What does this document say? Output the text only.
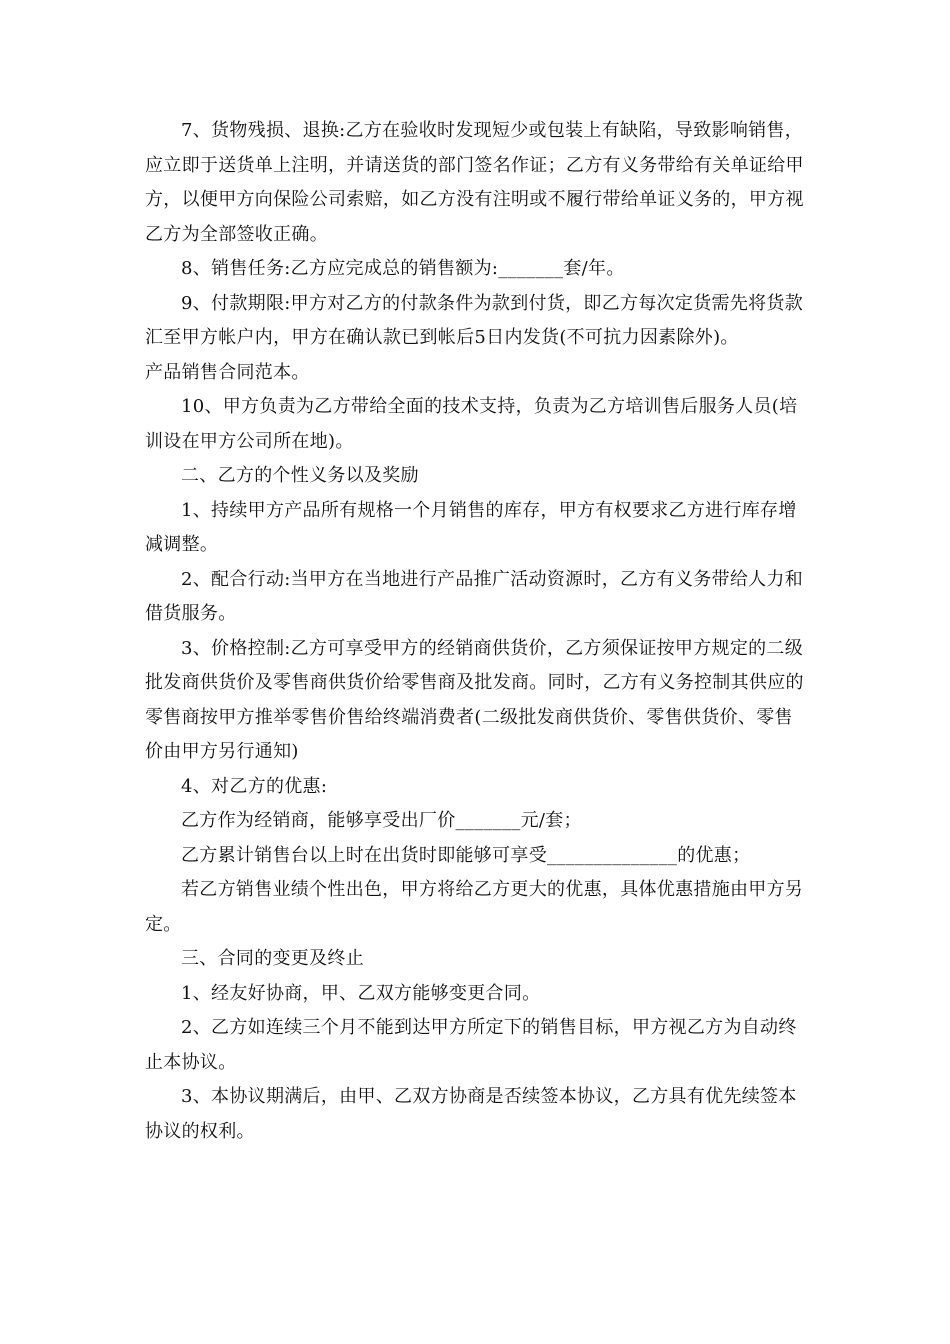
7、货物残损、退换:乙方在验收时发现短少或包装上有缺陷，导致影响销售，应立即于送货单上注明，并请送货的部门签名作证；乙方有义务带给有关单证给甲方，以便甲方向保险公司索赔，如乙方没有注明或不履行带给单证义务的，甲方视乙方为全部签收正确。

8、销售任务:乙方应完成总的销售额为:_______套/年。

9、付款期限:甲方对乙方的付款条件为款到付货，即乙方每次定货需先将货款汇至甲方帐户内，甲方在确认款已到帐后5日内发货(不可抗力因素除外)。

产品销售合同范本。

10、甲方负责为乙方带给全面的技术支持，负责为乙方培训售后服务人员(培训设在甲方公司所在地)。

二、乙方的个性义务以及奖励

1、持续甲方产品所有规格一个月销售的库存，甲方有权要求乙方进行库存增减调整。

2、配合行动:当甲方在当地进行产品推广活动资源时，乙方有义务带给人力和借货服务。

3、价格控制:乙方可享受甲方的经销商供货价，乙方须保证按甲方规定的二级批发商供货价及零售商供货价给零售商及批发商。同时，乙方有义务控制其供应的零售商按甲方推举零售价售给终端消费者(二级批发商供货价、零售供货价、零售价由甲方另行通知)

4、对乙方的优惠:

乙方作为经销商，能够享受出厂价_______元/套；

乙方累计销售台以上时在出货时即能够可享受______________的优惠；

若乙方销售业绩个性出色，甲方将给乙方更大的优惠，具体优惠措施由甲方另定。

三、合同的变更及终止

1、经友好协商，甲、乙双方能够变更合同。

2、乙方如连续三个月不能到达甲方所定下的销售目标，甲方视乙方为自动终止本协议。

3、本协议期满后，由甲、乙双方协商是否续签本协议，乙方具有优先续签本协议的权利。
